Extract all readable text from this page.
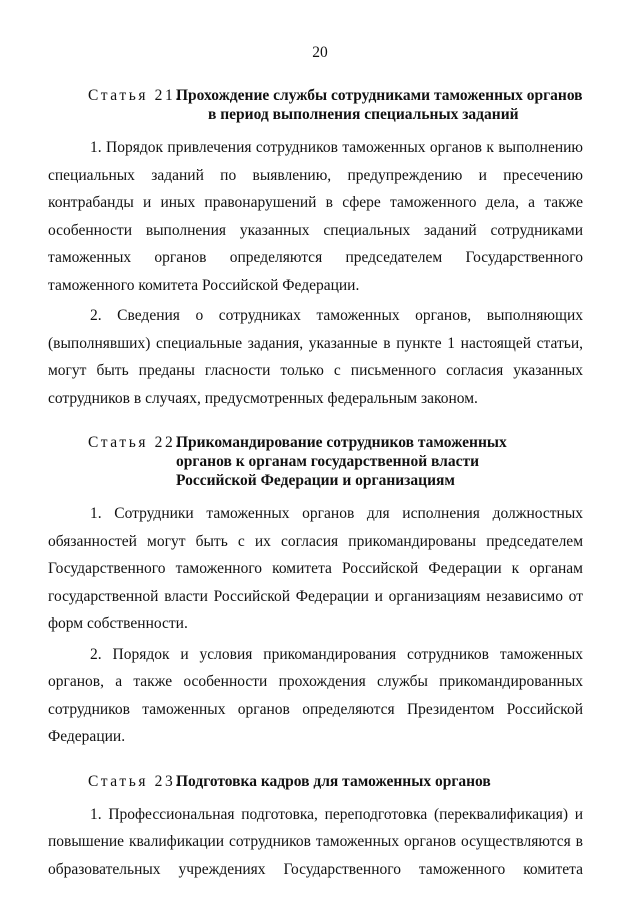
20
Статья 21.
Прохождение службы сотрудниками таможенных органов
в период выполнения специальных заданий

1. Порядок привлечения сотрудников таможенных органов к выполнению специальных заданий по выявлению, предупреждению и пресечению контрабанды и иных правонарушений в сфере таможенного дела, а также особенности выполнения указанных специальных заданий сотрудниками таможенных органов определяются председателем Государственного таможенного комитета Российской Федерации.

2. Сведения о сотрудниках таможенных органов, выполняющих (выполнявших) специальные задания, указанные в пункте 1 настоящей статьи, могут быть преданы гласности только с письменного согласия указанных сотрудников в случаях, предусмотренных федеральным законом.

Статья 22.
Прикомандирование сотрудников таможенных
органов к органам государственной власти
Российской Федерации и организациям

1. Сотрудники таможенных органов для исполнения должностных обязанностей могут быть с их согласия прикомандированы председателем Государственного таможенного комитета Российской Федерации к органам государственной власти Российской Федерации и организациям независимо от форм собственности.

2. Порядок и условия прикомандирования сотрудников таможенных органов, а также особенности прохождения службы прикомандированных сотрудников таможенных органов определяются Президентом Российской Федерации.

Статья 23.
Подготовка кадров для таможенных органов

1. Профессиональная подготовка, переподготовка (переквалификация) и повышение квалификации сотрудников таможенных органов осуществляются в образовательных учреждениях Государственного таможенного комитета
